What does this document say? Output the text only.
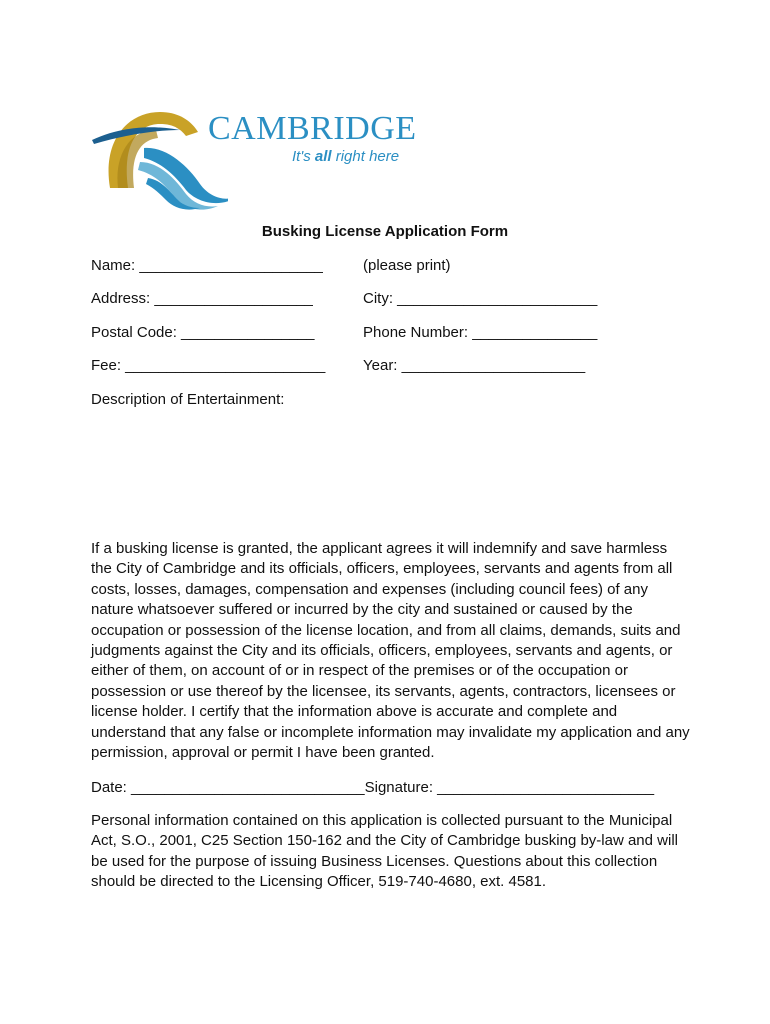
CAMBRIDGE
It's all right here
Busking License Application Form
Name: ______________________	(please print)
Address: ___________________	City: ________________________
Postal Code: ________________	Phone Number: _______________
Fee: ________________________	Year: ______________________
Description of Entertainment:
If a busking license is granted, the applicant agrees it will indemnify and save harmless the City of Cambridge and its officials, officers, employees, servants and agents from all costs, losses, damages, compensation and expenses (including council fees) of any nature whatsoever suffered or incurred by the city and sustained or caused by the occupation or possession of the license location, and from all claims, demands, suits and judgments against the City and its officials, officers, employees, servants and agents, or either of them, on account of or in respect of the premises or of the occupation or possession or use thereof by the licensee, its servants, agents, contractors, licensees or license holder. I certify that the information above is accurate and complete and understand that any false or incomplete information may invalidate my application and any permission, approval or permit I have been granted.
Date: ____________________________Signature: __________________________
Personal information contained on this application is collected pursuant to the Municipal Act, S.O., 2001, C25 Section 150-162 and the City of Cambridge busking by-law and will be used for the purpose of issuing Business Licenses. Questions about this collection should be directed to the Licensing Officer, 519-740-4680, ext. 4581.
